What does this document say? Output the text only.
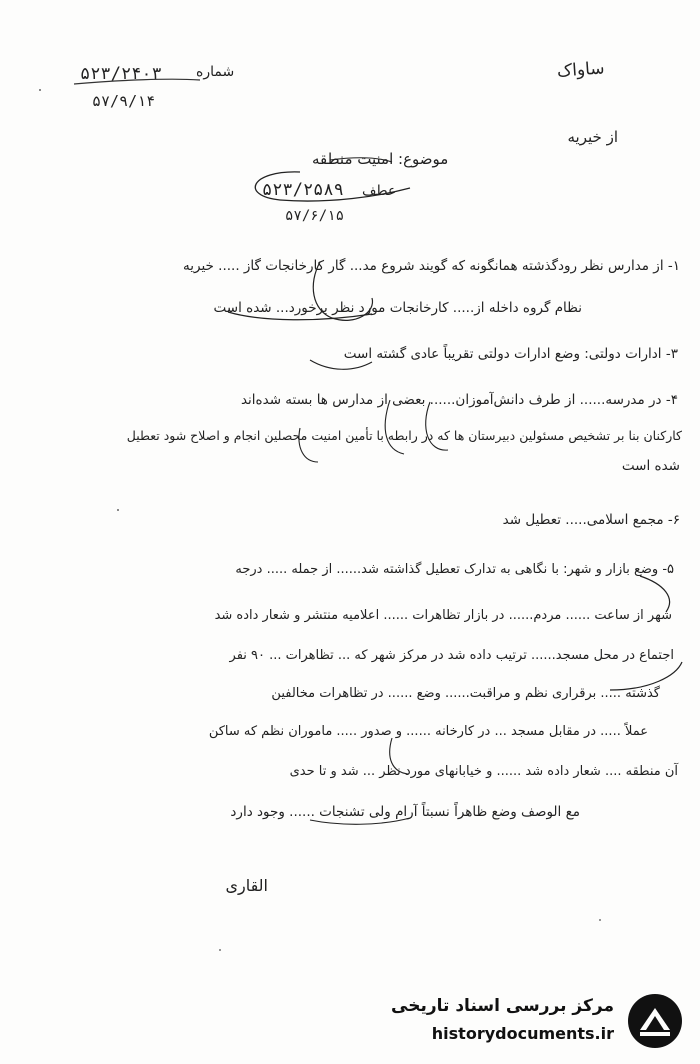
ساواک
از خیریه
شماره
۵۲۳/۲۴۰۳
۵۷/۹/۱۴
موضوع: امنیت منطقه
عطف
۵۲۳/۲۵۸۹
۵۷/۶/۱۵
۱- از مدارس نظر رودگذشته همانگونه که گویند شروع مد... گار کارخانجات گاز ..... خیریه
نظام گروه داخله از..... کارخانجات مورد نظر برخورد... شده است
۳- ادارات دولتی: وضع ادارات دولتی تقریباً عادی گشته است
۴- در مدرسه...... از طرف دانش‌آموزان...... بعضی از مدارس ها بسته شده‌اند
کارکنان بنا بر تشخیص مسئولین دبیرستان ها که در رابطه با تأمین امنیت محصلین انجام و اصلاح شود تعطیل
شده است
۶- مجمع اسلامی..... تعطیل شد
۵- وضع بازار و شهر: با نگاهی به تدارک تعطیل گذاشته شد...... از جمله ..... درجه
شهر از ساعت ...... مردم...... در بازار تظاهرات ...... اعلامیه منتشر و شعار داده شد
اجتماع در محل مسجد...... ترتیب داده شد در مرکز شهر که ... تظاهرات ... ۹۰ نفر
گذشته ..... برقراری نظم و مراقبت...... وضع ...... در تظاهرات مخالفین
عملاً ..... در مقابل مسجد ... در کارخانه ...... و صدور ..... ماموران نظم که ساکن
آن منطقه .... شعار داده شد ...... و خیابانهای مورد نظر ... شد و تا حدی
مع الوصف وضع ظاهراً نسبتاً آرام ولی تشنجات ...... وجود دارد
القاری
مرکز بررسی اسناد تاریخی
historydocuments.ir
